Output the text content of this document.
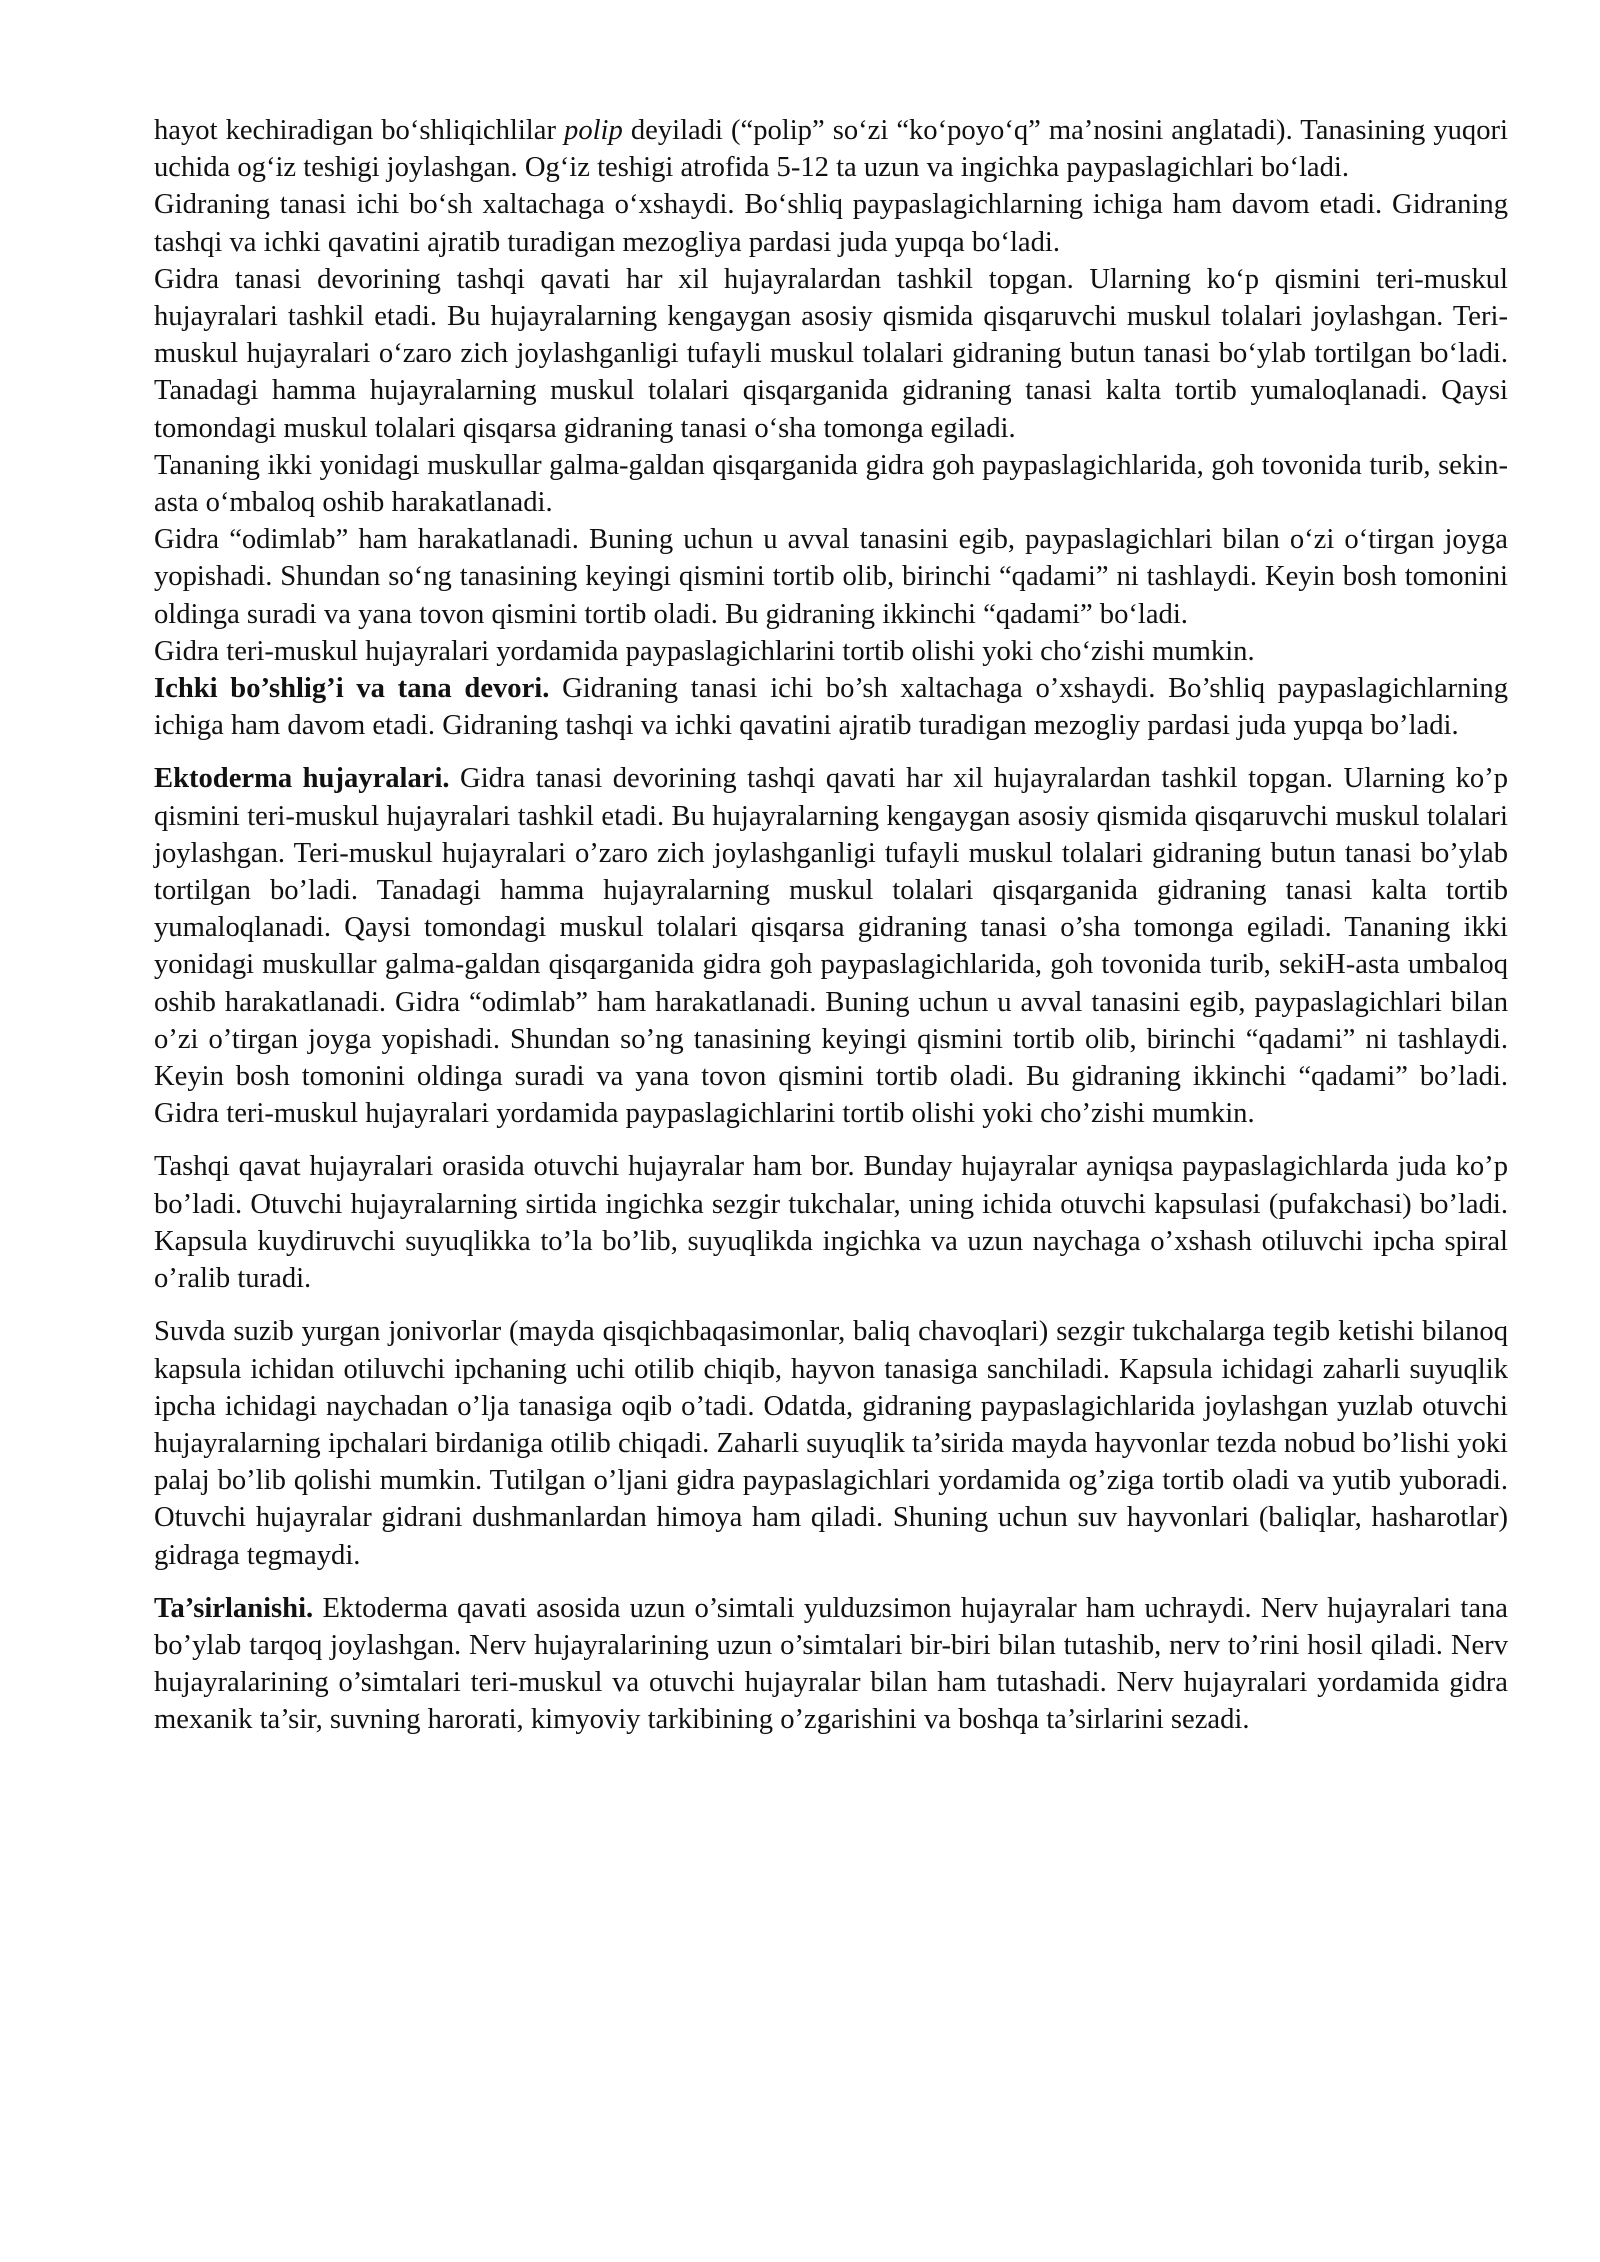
hayot kechiradigan bo‘shliqichlilar polip deyiladi (“polip” so‘zi “ko‘poyo‘q” ma’nosini anglatadi). Tanasining yuqori uchida og‘iz teshigi joylashgan. Og‘iz teshigi atrofida 5-12 ta uzun va ingichka paypaslagichlari bo‘ladi.

Gidraning tanasi ichi bo‘sh xaltachaga o‘xshaydi. Bo‘shliq paypaslagichlarning ichiga ham davom etadi. Gidraning tashqi va ichki qavatini ajratib turadigan mezogliya pardasi juda yupqa bo‘ladi.

Gidra tanasi devorining tashqi qavati har xil hujayralardan tashkil topgan. Ularning ko‘p qismini teri-muskul hujayralari tashkil etadi. Bu hujayralarning kengaygan asosiy qismida qisqaruvchi muskul tolalari joylashgan. Teri-muskul hujayralari o‘zaro zich joylashganligi tufayli muskul tolalari gidraning butun tanasi bo‘ylab tortilgan bo‘ladi. Tanadagi hamma hujayralarning muskul tolalari qisqarganida gidraning tanasi kalta tortib yumaloqlanadi. Qaysi tomondagi muskul tolalari qisqarsa gidraning tanasi o‘sha tomonga egiladi.

Tananing ikki yonidagi muskullar galma-galdan qisqarganida gidra goh paypaslagichlarida, goh tovonida turib, sekin-asta o‘mbaloq oshib harakatlanadi.

Gidra “odimlab” ham harakatlanadi. Buning uchun u avval tanasini egib, paypaslagichlari bilan o‘zi o‘tirgan joyga yopishadi. Shundan so‘ng tanasining keyingi qismini tortib olib, birinchi “qadami” ni tashlaydi. Keyin bosh tomonini oldinga suradi va yana tovon qismini tortib oladi. Bu gidraning ikkinchi “qadami” bo‘ladi.

Gidra teri-muskul hujayralari yordamida paypaslagichlarini tortib olishi yoki cho‘zishi mumkin.

Ichki bo’shlig’i va tana devori. Gidraning tanasi ichi bo’sh xaltachaga o’xshaydi. Bo’shliq paypaslagichlarning ichiga ham davom etadi. Gidraning tashqi va ichki qavatini ajratib turadigan mezogliy pardasi juda yupqa bo’ladi.

Ektoderma hujayralari. Gidra tanasi devorining tashqi qavati har xil hujayralardan tashkil topgan. Ularning ko’p qismini teri-muskul hujayralari tashkil etadi. Bu hujayralarning kengaygan asosiy qismida qisqaruvchi muskul tolalari joylashgan. Teri-muskul hujayralari o’zaro zich joylashganligi tufayli muskul tolalari gidraning butun tanasi bo’ylab tortilgan bo’ladi. Tanadagi hamma hujayralarning muskul tolalari qisqarganida gidraning tanasi kalta tortib yumaloqlanadi. Qaysi tomondagi muskul tolalari qisqarsa gidraning tanasi o’sha tomonga egiladi. Tananing ikki yonidagi muskullar galma-galdan qisqarganida gidra goh paypaslagichlarida, goh tovonida turib, sekiH-asta umbaloq oshib harakatlanadi. Gidra “odimlab” ham harakatlanadi. Buning uchun u avval tanasini egib, paypaslagichlari bilan o’zi o’tirgan joyga yopishadi. Shundan so’ng tanasining keyingi qismini tortib olib, birinchi “qadami” ni tashlaydi. Keyin bosh tomonini oldinga suradi va yana tovon qismini tortib oladi. Bu gidraning ikkinchi “qadami” bo’ladi. Gidra teri-muskul hujayralari yordamida paypaslagichlarini tortib olishi yoki cho’zishi mumkin.

Tashqi qavat hujayralari orasida otuvchi hujayralar ham bor. Bunday hujayralar ayniqsa paypaslagichlarda juda ko’p bo’ladi. Otuvchi hujayralarning sirtida ingichka sezgir tukchalar, uning ichida otuvchi kapsulasi (pufakchasi) bo’ladi. Kapsula kuydiruvchi suyuqlikka to’la bo’lib, suyuqlikda ingichka va uzun naychaga o’xshash otiluvchi ipcha spiral o’ralib turadi.

Suvda suzib yurgan jonivorlar (mayda qisqichbaqasimonlar, baliq chavoqlari) sezgir tukchalarga tegib ketishi bilanoq kapsula ichidan otiluvchi ipchaning uchi otilib chiqib, hayvon tanasiga sanchiladi. Kapsula ichidagi zaharli suyuqlik ipcha ichidagi naychadan o’lja tanasiga oqib o’tadi. Odatda, gidraning paypaslagichlarida joylashgan yuzlab otuvchi hujayralarning ipchalari birdaniga otilib chiqadi. Zaharli suyuqlik ta’sirida mayda hayvonlar tezda nobud bo’lishi yoki palaj bo’lib qolishi mumkin. Tutilgan o’ljani gidra paypaslagichlari yordamida og’ziga tortib oladi va yutib yuboradi. Otuvchi hujayralar gidrani dushmanlardan himoya ham qiladi. Shuning uchun suv hayvonlari (baliqlar, hasharotlar) gidraga tegmaydi.

Ta’sirlanishi. Ektoderma qavati asosida uzun o’simtali yulduzsimon hujayralar ham uchraydi. Nerv hujayralari tana bo’ylab tarqoq joylashgan. Nerv hujayralarining uzun o’simtalari bir-biri bilan tutashib, nerv to’rini hosil qiladi. Nerv hujayralarining o’simtalari teri-muskul va otuvchi hujayralar bilan ham tutashadi. Nerv hujayralari yordamida gidra mexanik ta’sir, suvning harorati, kimyoviy tarkibining o’zgarishini va boshqa ta’sirlarini sezadi.
